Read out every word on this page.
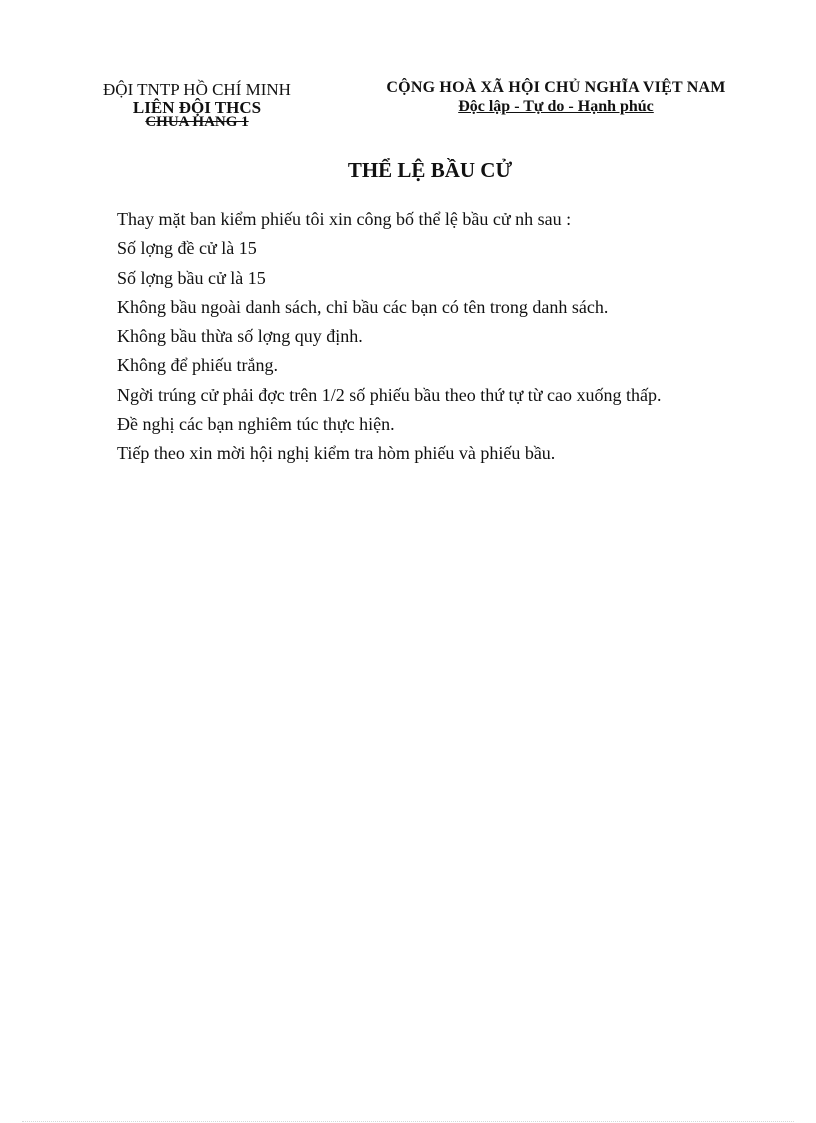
ĐỘI TNTP HỒ CHÍ MINH
LIÊN ĐỘI THCS
CHUA HANG 1
CỘNG HOÀ XÃ HỘI CHỦ NGHĨA VIỆT NAM
Độc lập - Tự do - Hạnh phúc
THỂ LỆ BẦU CỬ

Thay mặt ban kiểm phiếu tôi xin công bố thể lệ bầu cử nh sau :

Số lợng đề cử là 15

Số lợng bầu cử là 15

Không bầu ngoài danh sách, chỉ bầu các bạn có tên trong danh sách.

Không bầu thừa số lợng quy định.

Không để phiếu trắng.

Ngời trúng cử phải đợc trên 1/2 số phiếu bầu theo thứ tự từ cao xuống thấp.

Đề nghị các bạn nghiêm túc thực hiện.

Tiếp theo xin mời hội nghị kiểm tra hòm phiếu và phiếu bầu.
